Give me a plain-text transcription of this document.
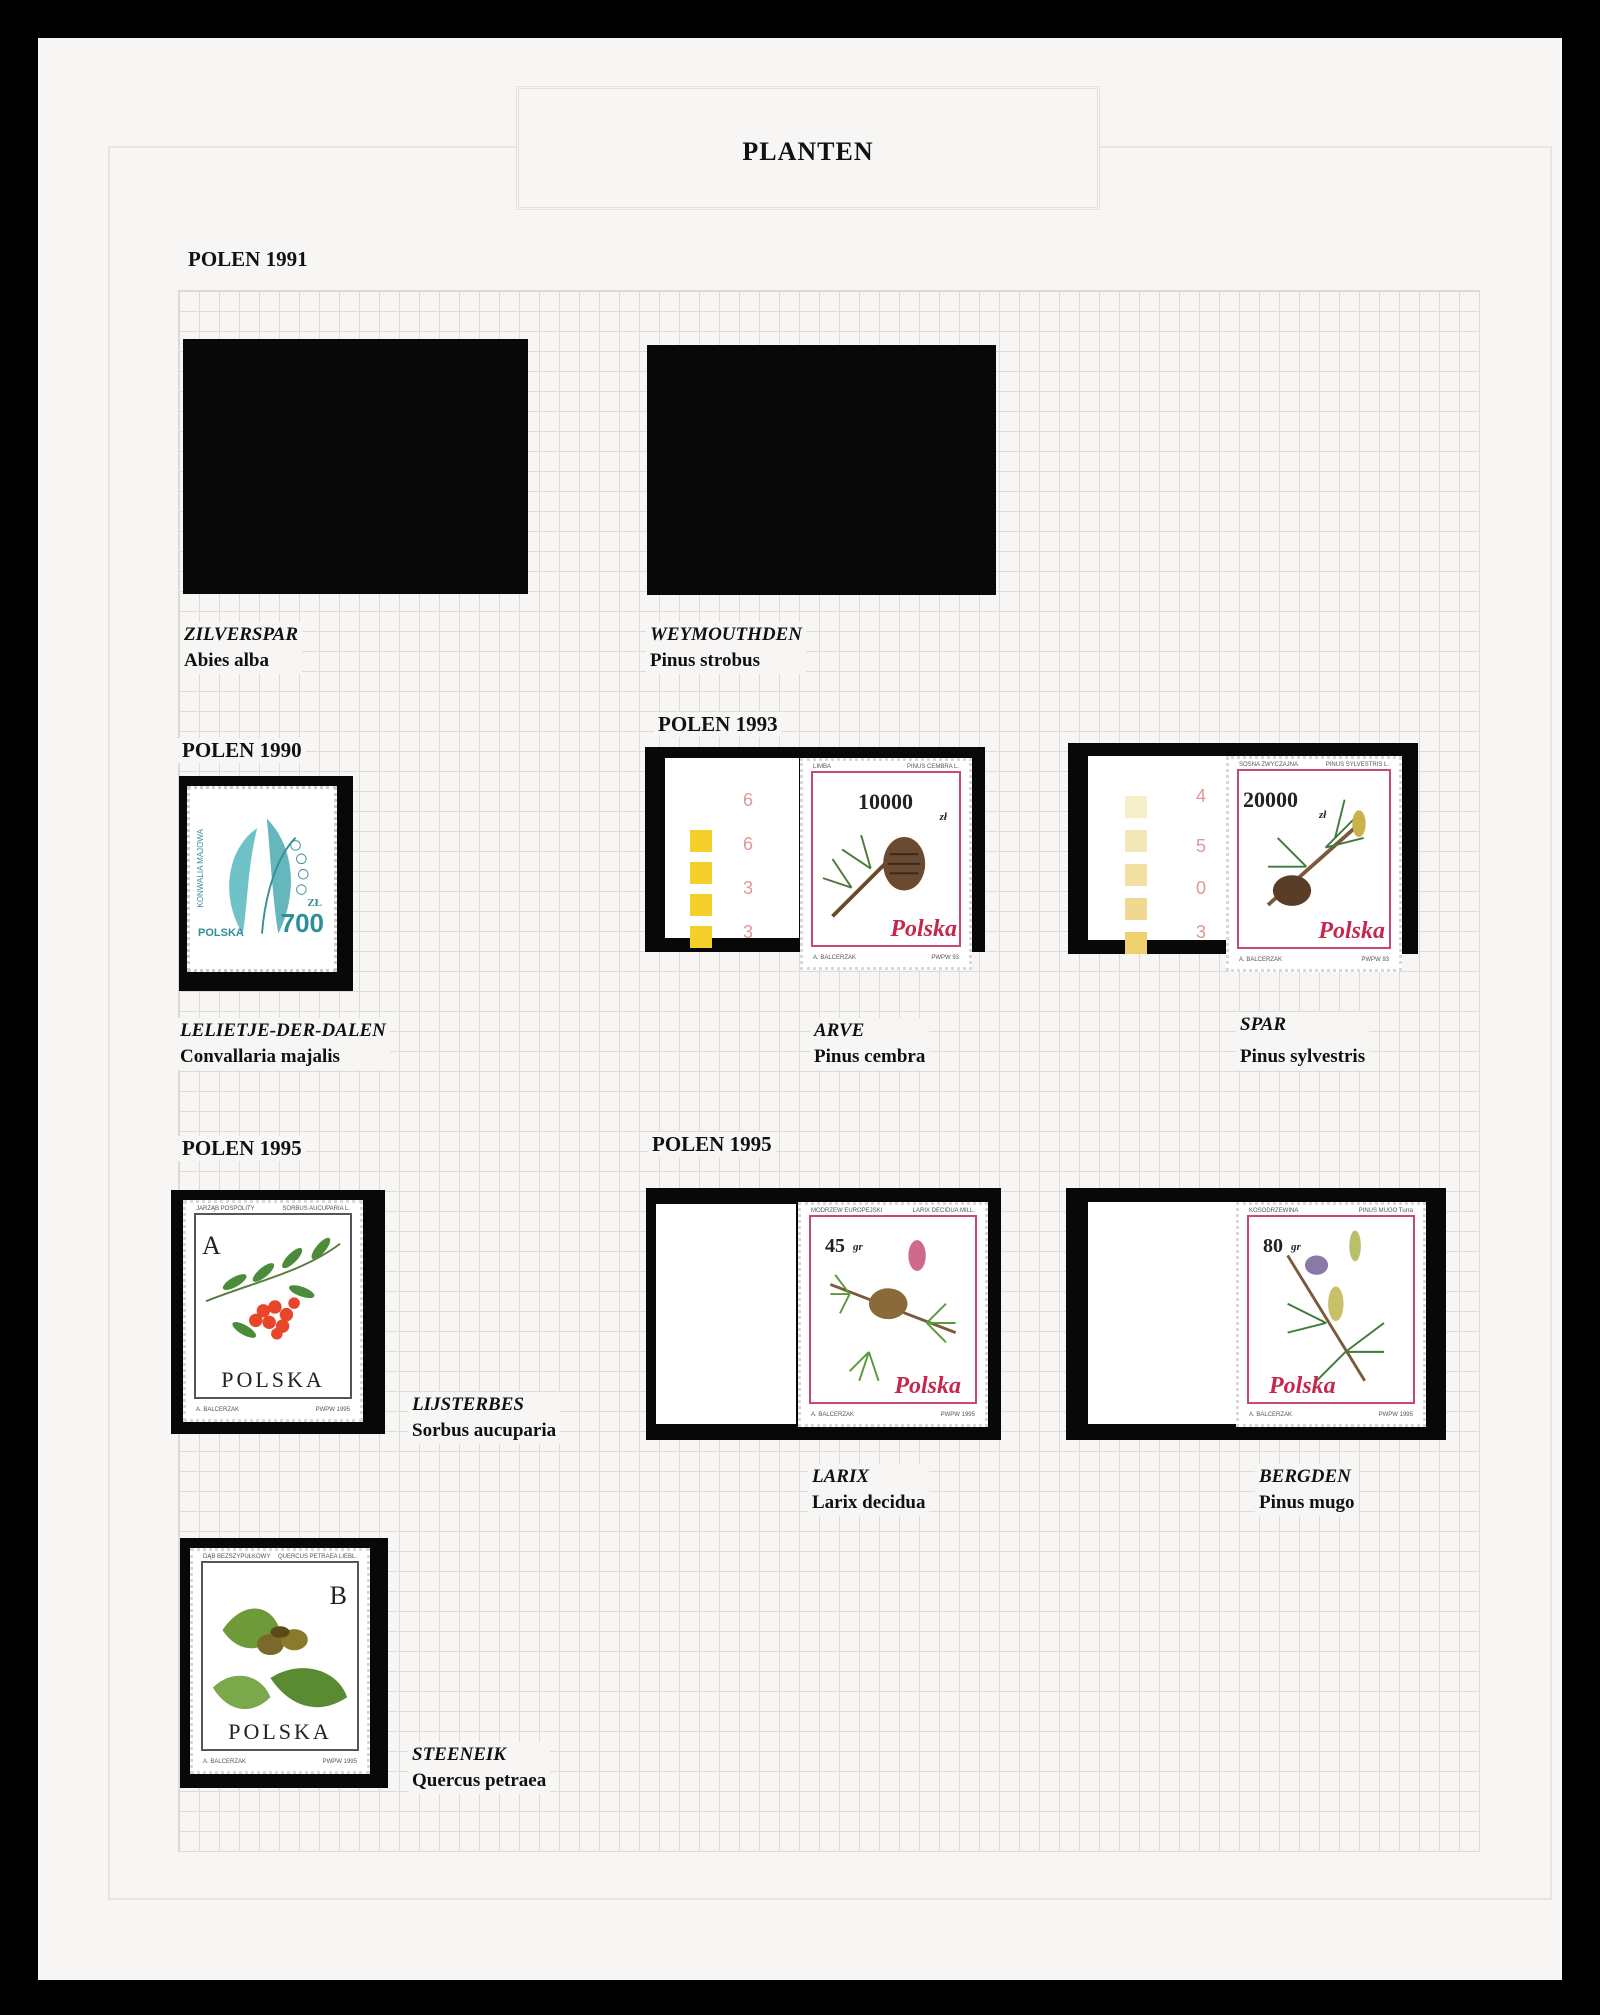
PLANTEN
POLEN 1991
POLEN 1990
POLEN 1993
POLEN 1995	POLEN 1995
ZILVERSPAR
Abies alba
WEYMOUTHDEN
Pinus strobus
LELIETJE-DER-DALEN
Convallaria majalis
ARVE
Pinus cembra
SPAR
Pinus sylvestris
LIJSTERBES
Sorbus aucuparia
LARIX
Larix decidua
BERGDEN
Pinus mugo
STEENEIK
Quercus petraea
KONWALIA MAJOWA
700
ZŁ
POLSKA
6
6
3
3
LIMBA	PINUS CEMBRA L.
10000
zł
Polska
A. BALCERZAK	PWPW 93
4
5
0
3
SOSNA ZWYCZAJNA	PINUS SYLVESTRIS L.
20000
zł
Polska
A. BALCERZAK	PWPW 93
JARZĄB POSPOLITY	SORBUS AUCUPARIA L.
A
POLSKA
A. BALCERZAK	PWPW 1995
MODRZEW EUROPEJSKI	LARIX DECIDUA MILL.
45 gr
Polska
A. BALCERZAK	PWPW 1995
KOSODRZEWINA	PINUS MUGO Turra
80 gr
Polska
A. BALCERZAK	PWPW 1995
DĄB BEZSZYPUŁKOWY QUERCUS PETRAEA LIEBL.
B
POLSKA
A. BALCERZAK	PWPW 1995
